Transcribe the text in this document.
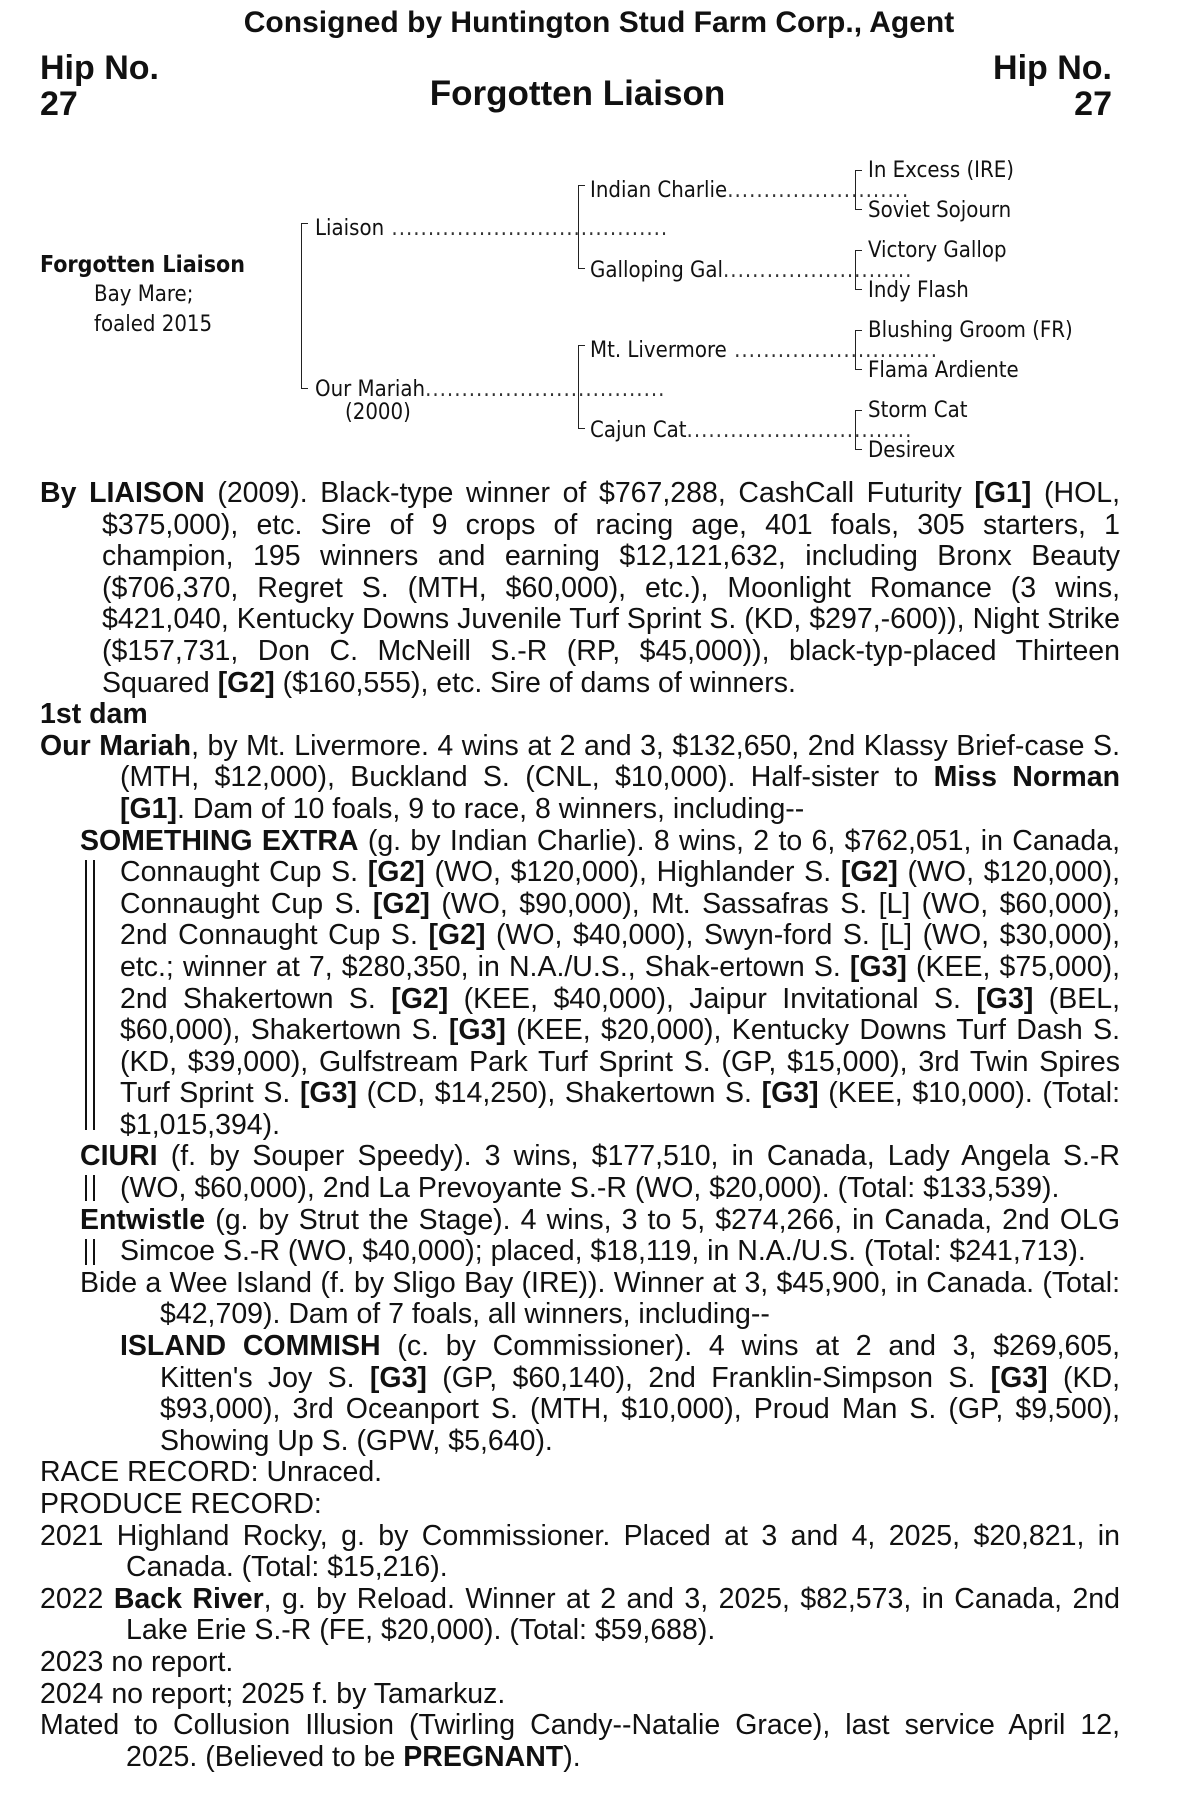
Consigned by Huntington Stud Farm Corp., Agent
Hip No.
27
Hip No.
27
Forgotten Liaison
Forgotten Liaison
Bay Mare;
foaled 2015
Liaison ......................................
Our Mariah.................................
(2000)
Indian Charlie.........................
Galloping Gal..........................
Mt. Livermore ............................
Cajun Cat...............................
In Excess (IRE)
Soviet Sojourn
Victory Gallop
Indy Flash
Blushing Groom (FR)
Flama Ardiente
Storm Cat
Desireux

By LIAISON (2009). Black-type winner of $767,288, CashCall Futurity [G1] (HOL, $375,000), etc. Sire of 9 crops of racing age, 401 foals, 305 starters, 1 champion, 195 winners and earning $12,121,632, including Bronx Beauty ($706,370, Regret S. (MTH, $60,000), etc.), Moonlight Romance (3 wins, $421,040, Kentucky Downs Juvenile Turf Sprint S. (KD, $297,-600)), Night Strike ($157,731, Don C. McNeill S.-R (RP, $45,000)), black-typ-placed Thirteen Squared [G2] ($160,555), etc. Sire of dams of winners.

1st dam

Our Mariah, by Mt. Livermore. 4 wins at 2 and 3, $132,650, 2nd Klassy Brief-case S. (MTH, $12,000), Buckland S. (CNL, $10,000). Half-sister to Miss Norman [G1]. Dam of 10 foals, 9 to race, 8 winners, including--

SOMETHING EXTRA (g. by Indian Charlie). 8 wins, 2 to 6, $762,051, in Canada, Connaught Cup S. [G2] (WO, $120,000), Highlander S. [G2] (WO, $120,000), Connaught Cup S. [G2] (WO, $90,000), Mt. Sassafras S. [L] (WO, $60,000), 2nd Connaught Cup S. [G2] (WO, $40,000), Swyn-ford S. [L] (WO, $30,000), etc.; winner at 7, $280,350, in N.A./U.S., Shak-ertown S. [G3] (KEE, $75,000), 2nd Shakertown S. [G2] (KEE, $40,000), Jaipur Invitational S. [G3] (BEL, $60,000), Shakertown S. [G3] (KEE, $20,000), Kentucky Downs Turf Dash S. (KD, $39,000), Gulfstream Park Turf Sprint S. (GP, $15,000), 3rd Twin Spires Turf Sprint S. [G3] (CD, $14,250), Shakertown S. [G3] (KEE, $10,000). (Total: $1,015,394).

CIURI (f. by Souper Speedy). 3 wins, $177,510, in Canada, Lady Angela S.-R (WO, $60,000), 2nd La Prevoyante S.-R (WO, $20,000). (Total: $133,539).

Entwistle (g. by Strut the Stage). 4 wins, 3 to 5, $274,266, in Canada, 2nd OLG Simcoe S.-R (WO, $40,000); placed, $18,119, in N.A./U.S. (Total: $241,713).

Bide a Wee Island (f. by Sligo Bay (IRE)). Winner at 3, $45,900, in Canada. (Total: $42,709). Dam of 7 foals, all winners, including--

ISLAND COMMISH (c. by Commissioner). 4 wins at 2 and 3, $269,605, Kitten's Joy S. [G3] (GP, $60,140), 2nd Franklin-Simpson S. [G3] (KD, $93,000), 3rd Oceanport S. (MTH, $10,000), Proud Man S. (GP, $9,500), Showing Up S. (GPW, $5,640).

RACE RECORD: Unraced.

PRODUCE RECORD:

2021 Highland Rocky, g. by Commissioner. Placed at 3 and 4, 2025, $20,821, in Canada. (Total: $15,216).

2022 Back River, g. by Reload. Winner at 2 and 3, 2025, $82,573, in Canada, 2nd Lake Erie S.-R (FE, $20,000). (Total: $59,688).

2023 no report.

2024 no report; 2025 f. by Tamarkuz.

Mated to Collusion Illusion (Twirling Candy--Natalie Grace), last service April 12, 2025. (Believed to be PREGNANT).
